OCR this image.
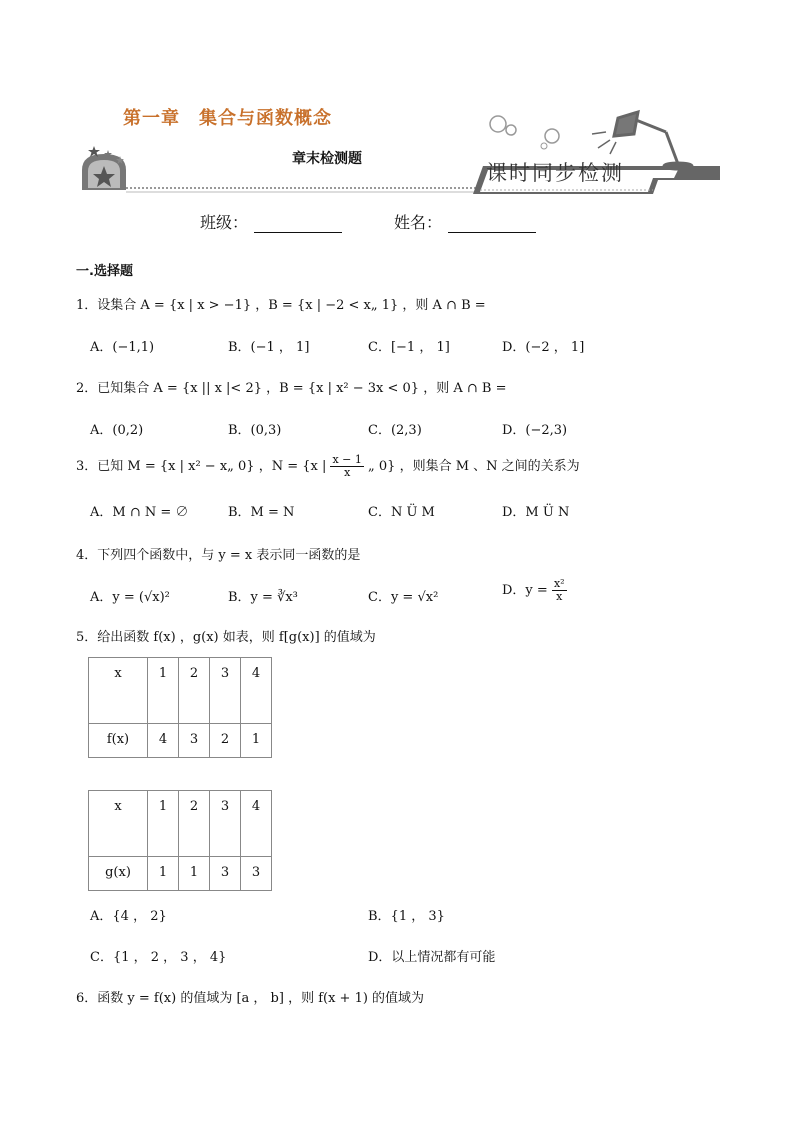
第一章　集合与函数概念
章末检测题
课时同步检测
班级：	姓名：
一.选择题
1．设集合 A = {x | x > −1} ，B = {x | −2 < x„ 1} ，则 A ∩ B =
A．(−1,1)	B．(−1 ， 1]	C．[−1 ， 1]	D．(−2 ， 1]
2．已知集合 A = {x || x |< 2} ，B = {x | x² − 3x < 0} ，则 A ∩ B =
A．(0,2)	B．(0,3)	C．(2,3)	D．(−2,3)
3．已知 M = {x | x² − x„ 0} ，N = {x | $\frac{x - 1}{x}$ „ 0} ，则集合 M 、N 之间的关系为
A．M ∩ N = ∅	B．M = N	C．N Ü M	D．M Ü N
4．下列四个函数中，与 y = x 表示同一函数的是
A．y = (√x)²	B．y = ∛x³	C．y = √x²	D．$y = \frac{\text{x²}}{x}$
5．给出函数 f(x) ，g(x) 如表，则 f[g(x)] 的值域为
x	1	2	3	4
f(x)	4	3	2	1
x	1	2	3	4
g(x)	1	1	3	3
A．{4 ， 2}	B．{1 ， 3}
C．{1 ， 2 ， 3 ， 4}	D．以上情况都有可能
6．函数 y = f(x) 的值域为 [a ， b] ，则 f(x + 1) 的值域为
